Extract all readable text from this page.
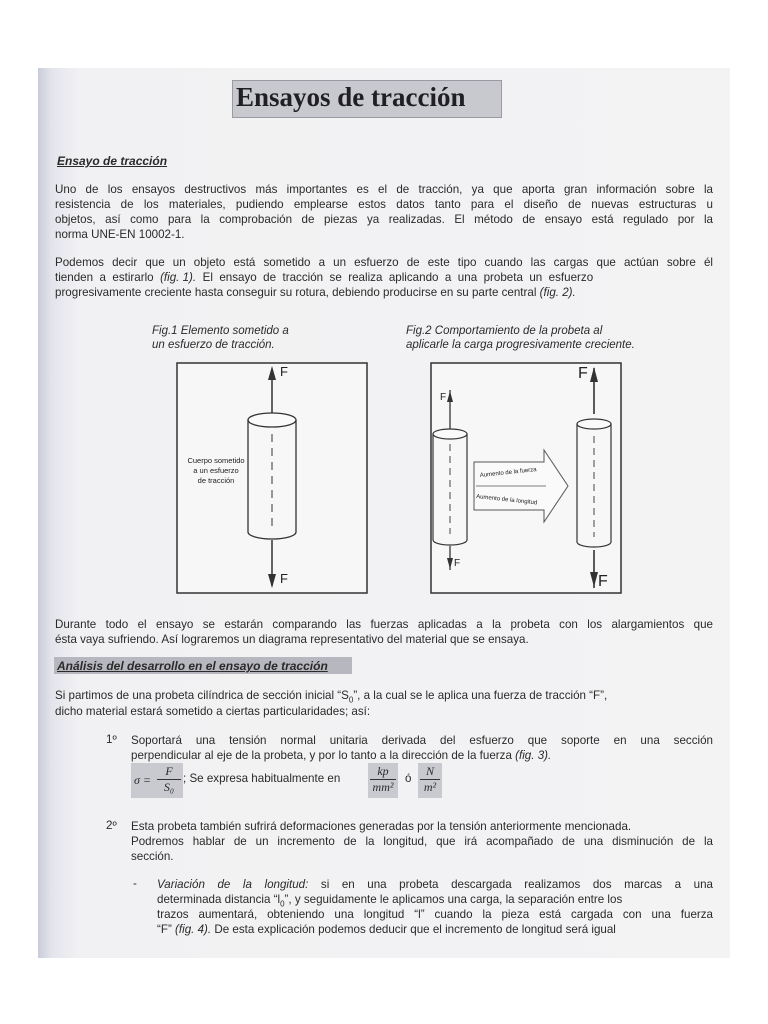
Ensayos de tracción
Ensayo de tracción
Uno de los ensayos destructivos más importantes es el de tracción, ya que aporta gran información sobre la
resistencia de los materiales, pudiendo emplearse estos datos tanto para el diseño de nuevas estructuras u
objetos, así como para la comprobación de piezas ya realizadas. El método de ensayo está regulado por la
norma UNE-EN 10002-1.
Podemos decir que un objeto está sometido a un esfuerzo de este tipo cuando las cargas que actúan sobre él
tienden  a  estirarlo (fig. 1). El  ensayo  de  tracción  se  realiza  aplicando  a  una  probeta  un  esfuerzo
progresivamente creciente hasta conseguir su rotura, debiendo producirse en su parte central (fig. 2).
Fig.1 Elemento sometido a
un esfuerzo de tracción.
Fig.2 Comportamiento de la probeta al
aplicarle la carga progresivamente creciente.
F
F
Cuerpo sometido
a un esfuerzo
de tracción
Aumento de la fuerza
Aumento de la longitud
F
F
F
F
Durante todo el ensayo se estarán comparando las fuerzas aplicadas a la probeta con los alargamientos que
ésta vaya sufriendo. Así lograremos un diagrama representativo del material que se ensaya.
Análisis del desarrollo en el ensayo de tracción
Si partimos de una probeta cilíndrica de sección inicial “$S_0$”, a la cual se le aplica una fuerza de tracción “F”,
dicho material estará sometido a ciertas particularidades; así:
1º Soportará una tensión normal unitaria derivada del esfuerzo que soporte en una sección
perpendicular al eje de la probeta, y por lo tanto a la dirección de la fuerza (fig. 3).
$\sigma = \frac{F}{\text{S₀}}$ ; Se expresa habitualmente en $\frac{kp}{\text{mm²}}$ ó $\frac{N}{\text{m²}}$
2º Esta probeta también sufrirá deformaciones generadas por la tensión anteriormente mencionada.
Podremos hablar de un incremento de la longitud, que irá acompañado de una disminución de la
sección.
- Variación de la longitud: si en una probeta descargada realizamos dos marcas a una
determinada distancia “$l_0$”, y seguidamente le aplicamos una carga, la separación entre los
trazos aumentará, obteniendo una longitud “l” cuando la pieza está cargada con una fuerza
“F” (fig. 4). De esta explicación podemos deducir que el incremento de longitud será igual
